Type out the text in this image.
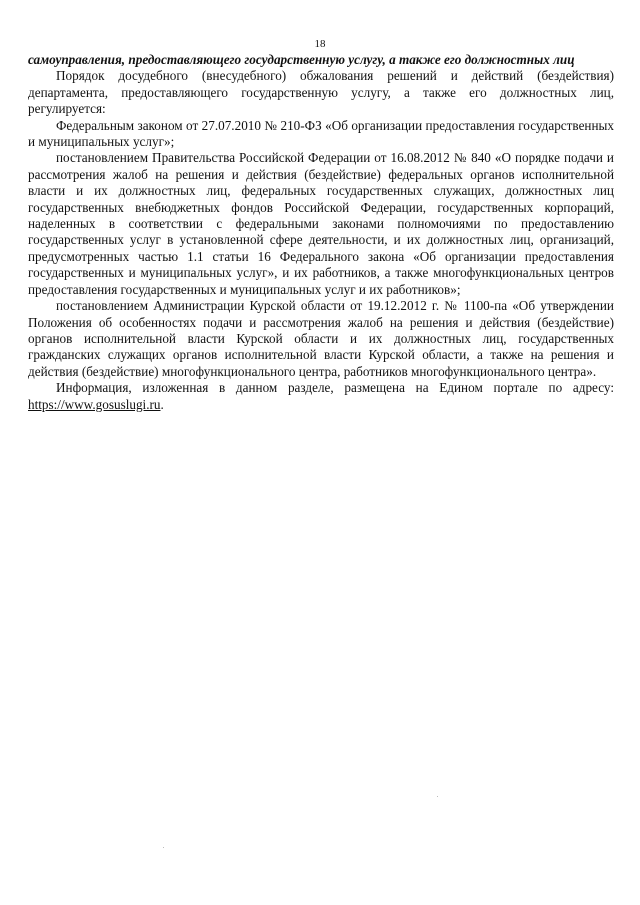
18

самоуправления, предоставляющего государственную услугу, а также его должностных лиц

Порядок досудебного (внесудебного) обжалования решений и действий (бездействия) департамента, предоставляющего государственную услугу, а также его должностных лиц, регулируется:

Федеральным законом от 27.07.2010 № 210-ФЗ «Об организации предоставления государственных и муниципальных услуг»;

постановлением Правительства Российской Федерации от 16.08.2012 № 840 «О порядке подачи и рассмотрения жалоб на решения и действия (бездействие) федеральных органов исполнительной власти и их должностных лиц, федеральных государственных служащих, должностных лиц государственных внебюджетных фондов Российской Федерации, государственных корпораций, наделенных в соответствии с федеральными законами полномочиями по предоставлению государственных услуг в установленной сфере деятельности, и их должностных лиц, организаций, предусмотренных частью 1.1 статьи 16 Федерального закона «Об организации предоставления государственных и муниципальных услуг», и их работников, а также многофункциональных центров предоставления государственных и муниципальных услуг и их работников»;

постановлением Администрации Курской области от 19.12.2012 г. № 1100-па «Об утверждении Положения об особенностях подачи и рассмотрения жалоб на решения и действия (бездействие) органов исполнительной власти Курской области и их должностных лиц, государственных гражданских служащих органов исполнительной власти Курской области, а также на решения и действия (бездействие) многофункционального центра, работников многофункционального центра».

Информация, изложенная в данном разделе, размещена на Едином портале по адресу: https://www.gosuslugi.ru.
